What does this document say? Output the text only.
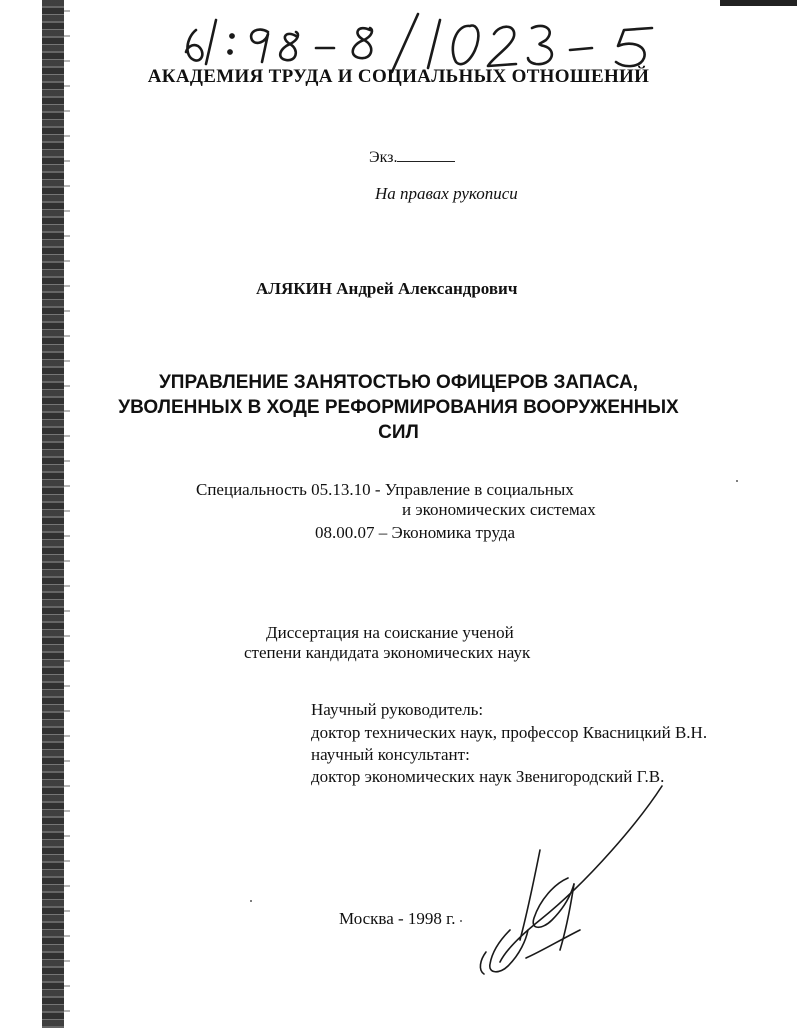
АКАДЕМИЯ ТРУДА И СОЦИАЛЬНЫХ ОТНОШЕНИЙ
Экз.
На правах рукописи
АЛЯКИН Андрей Александрович
УПРАВЛЕНИЕ ЗАНЯТОСТЬЮ ОФИЦЕРОВ ЗАПАСА,
УВОЛЕННЫХ В ХОДЕ РЕФОРМИРОВАНИЯ ВООРУЖЕННЫХ
СИЛ
Специальность 05.13.10 - Управление в социальных
и экономических системах
08.00.07 – Экономика труда
Диссертация на соискание ученой
степени кандидата экономических наук
Научный руководитель:
доктор технических наук, профессор Квасницкий В.Н.
научный консультант:
доктор экономических наук Звенигородский Г.В.
Москва - 1998 г.
